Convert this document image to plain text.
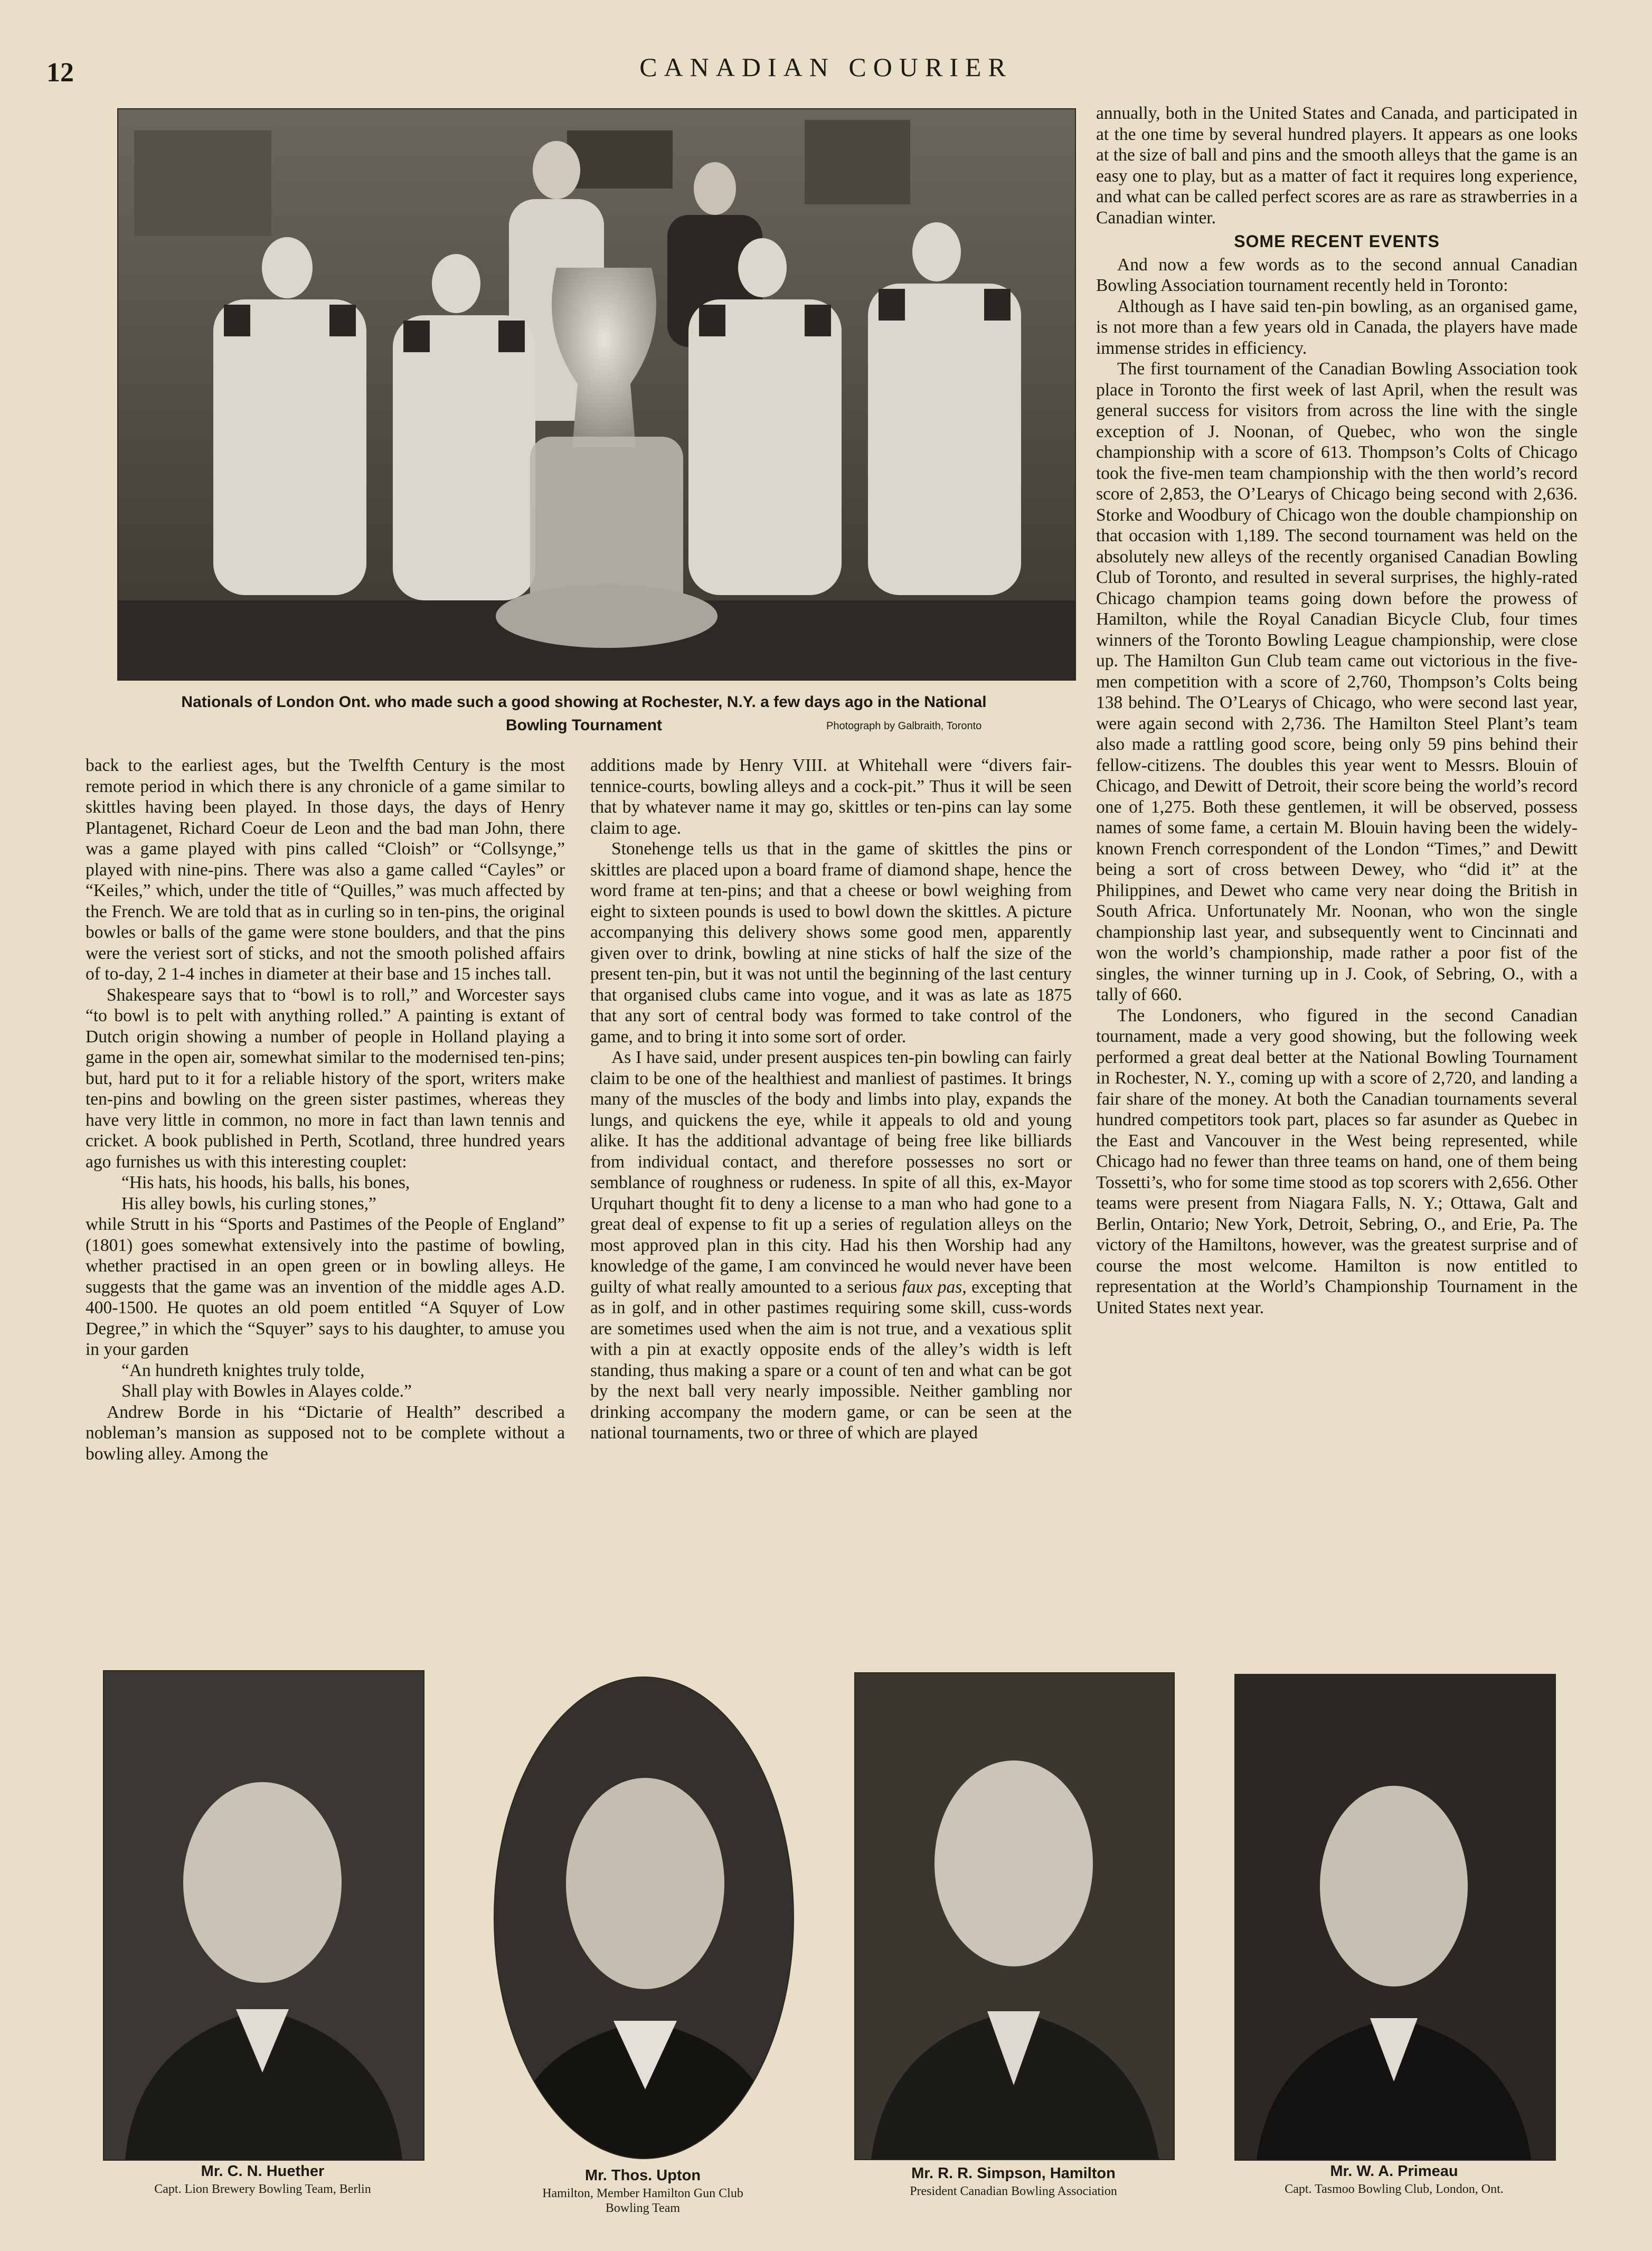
12	CANADIAN COURIER
Nationals of London Ont. who made such a good showing at Rochester, N.Y. a few days ago in the National
Bowling Tournament	Photograph by Galbraith, Toronto

back to the earliest ages, but the Twelfth Century is the most remote period in which there is any chronicle of a game similar to skittles having been played. In those days, the days of Henry Plantagenet, Richard Coeur de Leon and the bad man John, there was a game played with pins called “Cloish” or “Collsynge,” played with nine-pins. There was also a game called “Cayles” or “Keiles,” which, under the title of “Quilles,” was much affected by the French. We are told that as in curling so in ten-pins, the original bowles or balls of the game were stone boulders, and that the pins were the veriest sort of sticks, and not the smooth polished affairs of to-day, 2 1-4 inches in diameter at their base and 15 inches tall.

Shakespeare says that to “bowl is to roll,” and Worcester says “to bowl is to pelt with anything rolled.” A painting is extant of Dutch origin showing a number of people in Holland playing a game in the open air, somewhat similar to the modernised ten-pins; but, hard put to it for a reliable history of the sport, writers make ten-pins and bowling on the green sister pastimes, whereas they have very little in common, no more in fact than lawn tennis and cricket. A book published in Perth, Scotland, three hundred years ago furnishes us with this interesting couplet:

“His hats, his hoods, his balls, his bones,

His alley bowls, his curling stones,”

while Strutt in his “Sports and Pastimes of the People of England” (1801) goes somewhat extensively into the pastime of bowling, whether practised in an open green or in bowling alleys. He suggests that the game was an invention of the middle ages A.D. 400-1500. He quotes an old poem entitled “A Squyer of Low Degree,” in which the “Squyer” says to his daughter, to amuse you in your garden

“An hundreth knightes truly tolde,

Shall play with Bowles in Alayes colde.”

Andrew Borde in his “Dictarie of Health” described a nobleman’s mansion as supposed not to be complete without a bowling alley. Among the

additions made by Henry VIII. at Whitehall were “divers fair-tennice-courts, bowling alleys and a cock-pit.” Thus it will be seen that by whatever name it may go, skittles or ten-pins can lay some claim to age.

Stonehenge tells us that in the game of skittles the pins or skittles are placed upon a board frame of diamond shape, hence the word frame at ten-pins; and that a cheese or bowl weighing from eight to sixteen pounds is used to bowl down the skittles. A picture accompanying this delivery shows some good men, apparently given over to drink, bowling at nine sticks of half the size of the present ten-pin, but it was not until the beginning of the last century that organised clubs came into vogue, and it was as late as 1875 that any sort of central body was formed to take control of the game, and to bring it into some sort of order.

As I have said, under present auspices ten-pin bowling can fairly claim to be one of the healthiest and manliest of pastimes. It brings many of the muscles of the body and limbs into play, expands the lungs, and quickens the eye, while it appeals to old and young alike. It has the additional advantage of being free like billiards from individual contact, and therefore possesses no sort or semblance of roughness or rudeness. In spite of all this, ex-Mayor Urquhart thought fit to deny a license to a man who had gone to a great deal of expense to fit up a series of regulation alleys on the most approved plan in this city. Had his then Worship had any knowledge of the game, I am convinced he would never have been guilty of what really amounted to a serious faux pas, excepting that as in golf, and in other pastimes requiring some skill, cuss-words are sometimes used when the aim is not true, and a vexatious split with a pin at exactly opposite ends of the alley’s width is left standing, thus making a spare or a count of ten and what can be got by the next ball very nearly impossible. Neither gambling nor drinking accompany the modern game, or can be seen at the national tournaments, two or three of which are played

annually, both in the United States and Canada, and participated in at the one time by several hundred players. It appears as one looks at the size of ball and pins and the smooth alleys that the game is an easy one to play, but as a matter of fact it requires long experience, and what can be called perfect scores are as rare as strawberries in a Canadian winter.

SOME RECENT EVENTS

And now a few words as to the second annual Canadian Bowling Association tournament recently held in Toronto:

Although as I have said ten-pin bowling, as an organised game, is not more than a few years old in Canada, the players have made immense strides in efficiency.

The first tournament of the Canadian Bowling Association took place in Toronto the first week of last April, when the result was general success for visitors from across the line with the single exception of J. Noonan, of Quebec, who won the single championship with a score of 613. Thompson’s Colts of Chicago took the five-men team championship with the then world’s record score of 2,853, the O’Learys of Chicago being second with 2,636. Storke and Woodbury of Chicago won the double championship on that occasion with 1,189. The second tournament was held on the absolutely new alleys of the recently organised Canadian Bowling Club of Toronto, and resulted in several surprises, the highly-rated Chicago champion teams going down before the prowess of Hamilton, while the Royal Canadian Bicycle Club, four times winners of the Toronto Bowling League championship, were close up. The Hamilton Gun Club team came out victorious in the five-men competition with a score of 2,760, Thompson’s Colts being 138 behind. The O’Learys of Chicago, who were second last year, were again second with 2,736. The Hamilton Steel Plant’s team also made a rattling good score, being only 59 pins behind their fellow-citizens. The doubles this year went to Messrs. Blouin of Chicago, and Dewitt of Detroit, their score being the world’s record one of 1,275. Both these gentlemen, it will be observed, possess names of some fame, a certain M. Blouin having been the widely-known French correspondent of the London “Times,” and Dewitt being a sort of cross between Dewey, who “did it” at the Philippines, and Dewet who came very near doing the British in South Africa. Unfortunately Mr. Noonan, who won the single championship last year, and subsequently went to Cincinnati and won the world’s championship, made rather a poor fist of the singles, the winner turning up in J. Cook, of Sebring, O., with a tally of 660.

The Londoners, who figured in the second Canadian tournament, made a very good showing, but the following week performed a great deal better at the National Bowling Tournament in Rochester, N. Y., coming up with a score of 2,720, and landing a fair share of the money. At both the Canadian tournaments several hundred competitors took part, places so far asunder as Quebec in the East and Vancouver in the West being represented, while Chicago had no fewer than three teams on hand, one of them being Tossetti’s, who for some time stood as top scorers with 2,656. Other teams were present from Niagara Falls, N. Y.; Ottawa, Galt and Berlin, Ontario; New York, Detroit, Sebring, O., and Erie, Pa. The victory of the Hamiltons, however, was the greatest surprise and of course the most welcome. Hamilton is now entitled to representation at the World’s Championship Tournament in the United States next year.

Mr. C. N. Huether
Capt. Lion Brewery Bowling Team, Berlin
Mr. Thos. Upton
Hamilton, Member Hamilton Gun Club
Bowling Team
Mr. R. R. Simpson, Hamilton
President Canadian Bowling Association
Mr. W. A. Primeau
Capt. Tasmoo Bowling Club, London, Ont.
